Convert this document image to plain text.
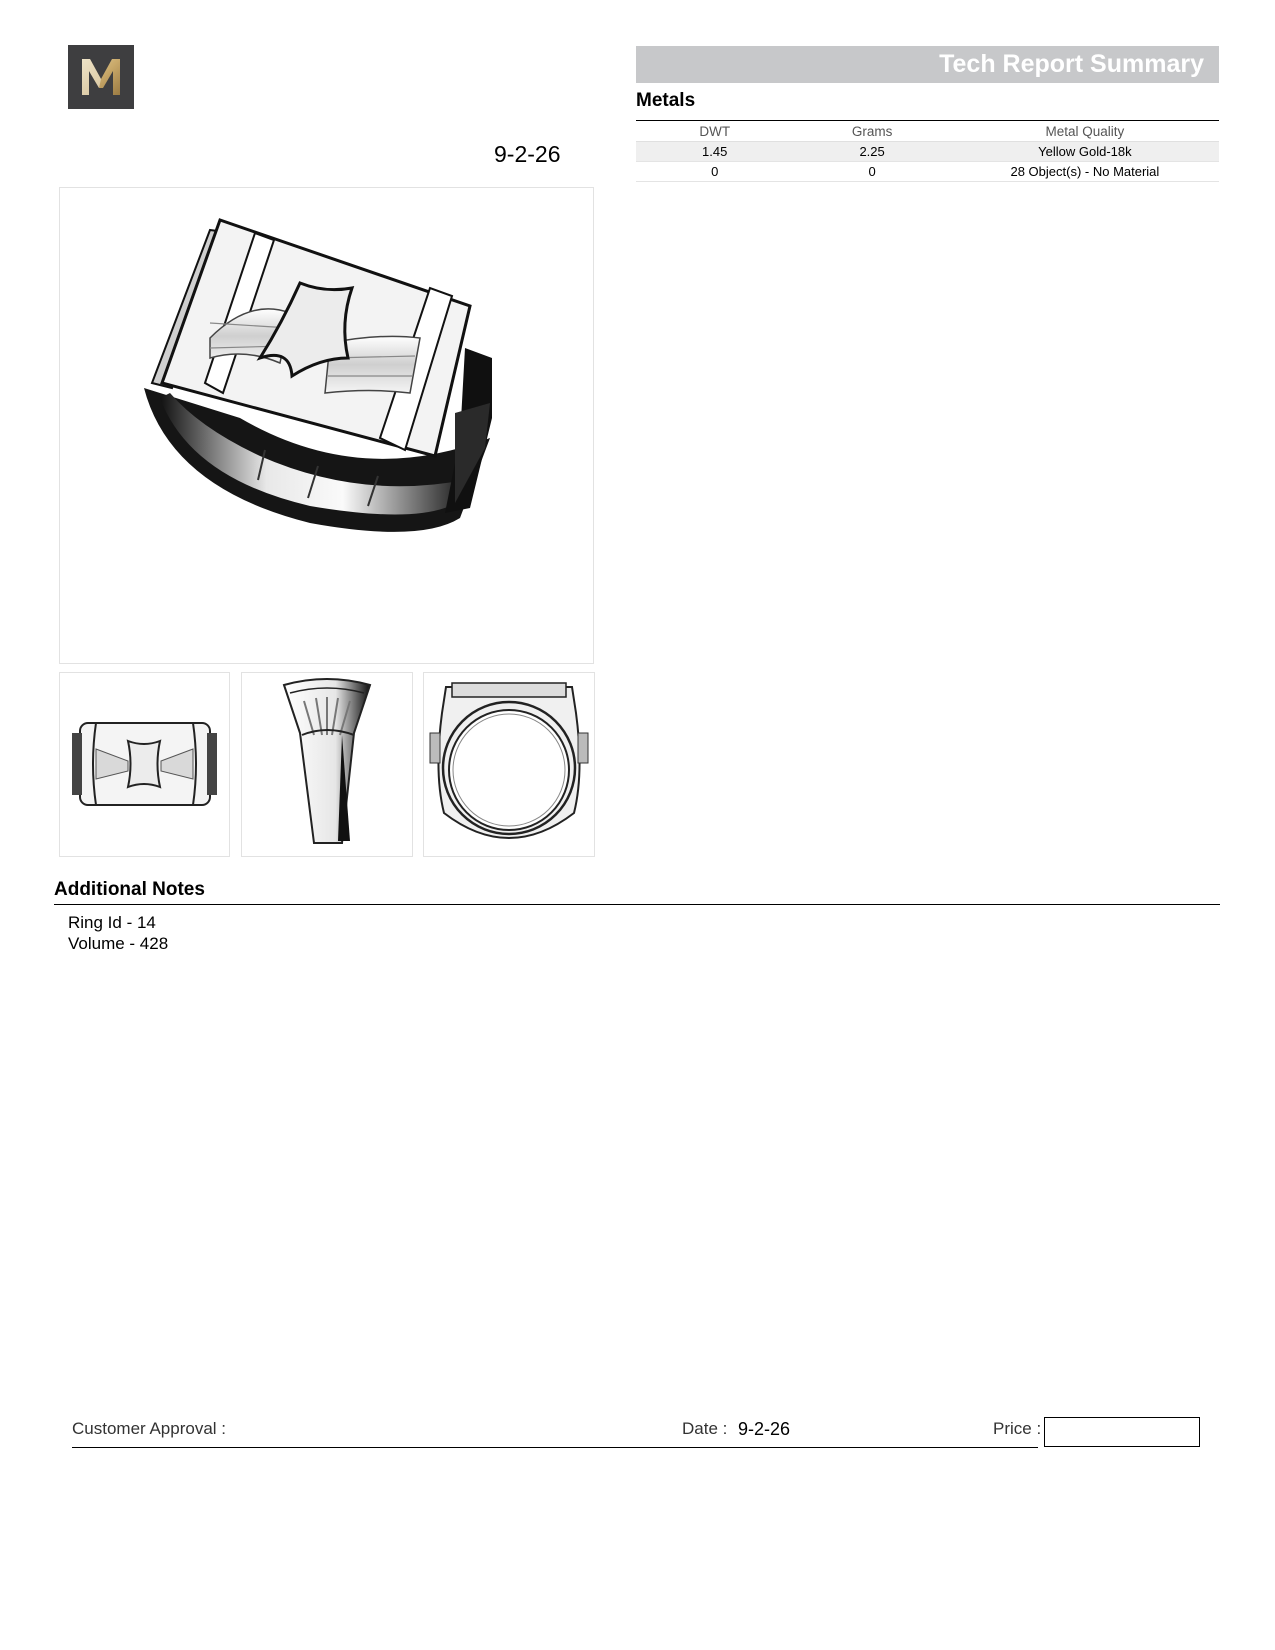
Tech Report Summary
Metals
DWT	Grams	Metal Quality
1.45	2.25	Yellow Gold-18k
0	0	28 Object(s) - No Material
9-2-26
Additional Notes
Ring Id - 14
Volume - 428
Customer Approval :	Date : 9-2-26	Price :
